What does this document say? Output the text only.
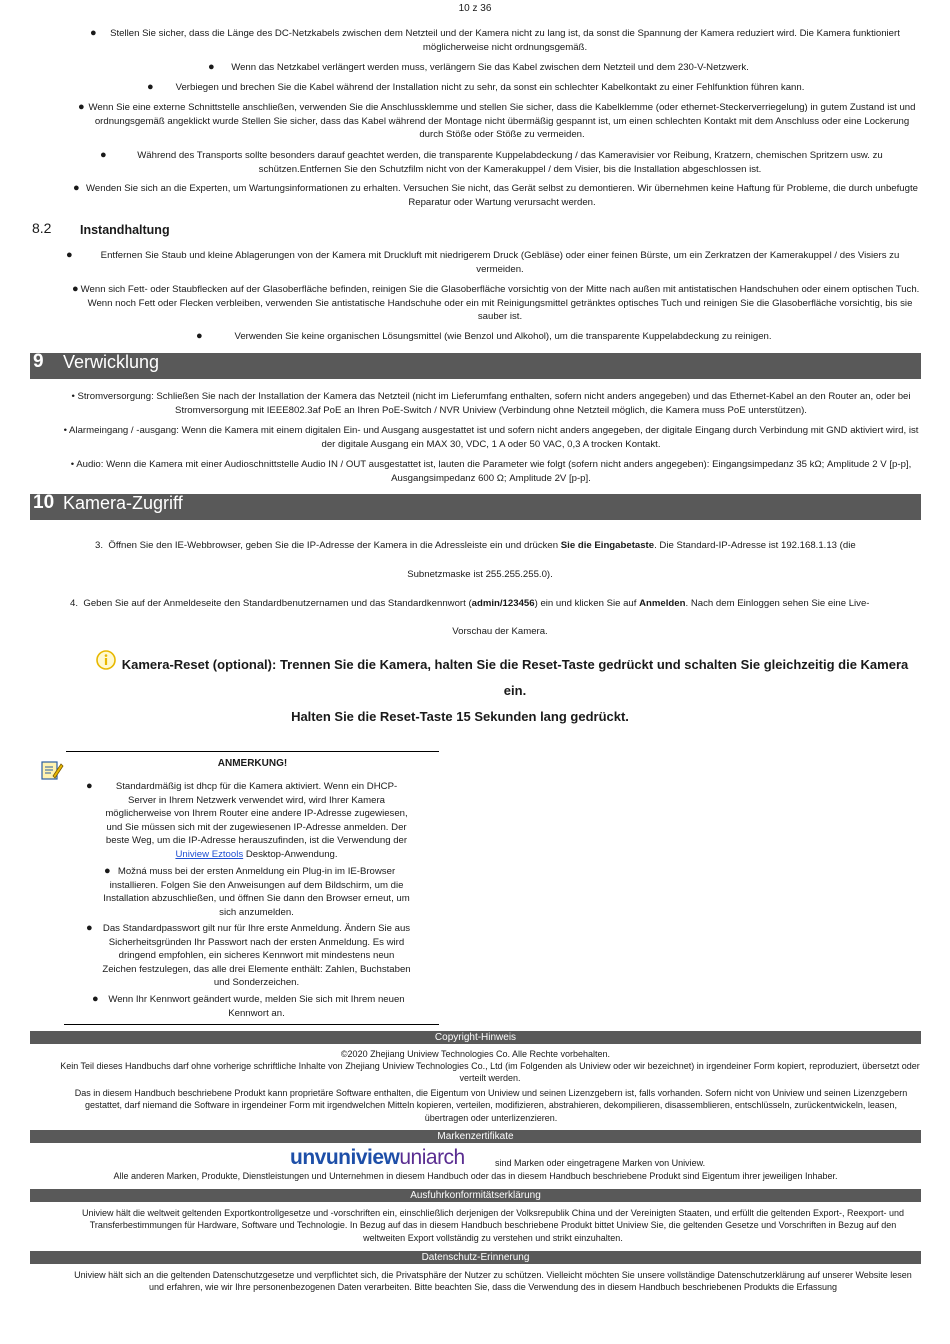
10 z 36
●	Stellen Sie sicher, dass die Länge des DC-Netzkabels zwischen dem Netzteil und der Kamera nicht zu lang ist, da sonst die Spannung der Kamera reduziert wird. Die Kamera funktioniert möglicherweise nicht ordnungsgemäß.
●	Wenn das Netzkabel verlängert werden muss, verlängern Sie das Kabel zwischen dem Netzteil und dem 230-V-Netzwerk.
●	Verbiegen und brechen Sie die Kabel während der Installation nicht zu sehr, da sonst ein schlechter Kabelkontakt zu einer Fehlfunktion führen kann.
● Wenn Sie eine externe Schnittstelle anschließen, verwenden Sie die Anschlussklemme und stellen Sie sicher, dass die Kabelklemme (oder ethernet-Steckerverriegelung) in gutem Zustand ist und ordnungsgemäß angeklickt wurde Stellen Sie sicher, dass das Kabel während der Montage nicht übermäßig gespannt ist, um einen schlechten Kontakt mit dem Anschluss oder eine Lockerung durch Stöße oder Stöße zu vermeiden.
●	Während des Transports sollte besonders darauf geachtet werden, die transparente Kuppelabdeckung / das Kameravisier vor Reibung, Kratzern, chemischen Spritzern usw. zu schützen.Entfernen Sie den Schutzfilm nicht von der Kamerakuppel / dem Visier, bis die Installation abgeschlossen ist.
● Wenden Sie sich an die Experten, um Wartungsinformationen zu erhalten. Versuchen Sie nicht, das Gerät selbst zu demontieren. Wir übernehmen keine Haftung für Probleme, die durch unbefugte Reparatur oder Wartung verursacht werden.
8.2 Instandhaltung
●	Entfernen Sie Staub und kleine Ablagerungen von der Kamera mit Druckluft mit niedrigerem Druck (Gebläse) oder einer feinen Bürste, um ein Zerkratzen der Kamerakuppel / des Visiers zu vermeiden.
● Wenn sich Fett- oder Staubflecken auf der Glasoberfläche befinden, reinigen Sie die Glasoberfläche vorsichtig von der Mitte nach außen mit antistatischen Handschuhen oder einem optischen Tuch. Wenn noch Fett oder Flecken verbleiben, verwenden Sie antistatische Handschuhe oder ein mit Reinigungsmittel getränktes optisches Tuch und reinigen Sie die Glasoberfläche vorsichtig, bis sie sauber ist.
●	Verwenden Sie keine organischen Lösungsmittel (wie Benzol und Alkohol), um die transparente Kuppelabdeckung zu reinigen.
9 Verwicklung
• Stromversorgung: Schließen Sie nach der Installation der Kamera das Netzteil (nicht im Lieferumfang enthalten, sofern nicht anders angegeben) und das Ethernet-Kabel an den Router an, oder bei Stromversorgung mit IEEE802.3af PoE an Ihren PoE-Switch / NVR Uniview (Verbindung ohne Netzteil möglich, die Kamera muss PoE unterstützen).
• Alarmeingang / -ausgang: Wenn die Kamera mit einem digitalen Ein- und Ausgang ausgestattet ist und sofern nicht anders angegeben, der digitale Eingang durch Verbindung mit GND aktiviert wird, ist der digitale Ausgang ein MAX 30, VDC, 1 A oder 50 VAC, 0,3 A trocken Kontakt.
• Audio: Wenn die Kamera mit einer Audioschnittstelle Audio IN / OUT ausgestattet ist, lauten die Parameter wie folgt (sofern nicht anders angegeben): Eingangsimpedanz 35 kΩ; Amplitude 2 V [p-p], Ausgangsimpedanz 600 Ω; Amplitude 2V [p-p].
10 Kamera-Zugriff
3. Öffnen Sie den IE-Webbrowser, geben Sie die IP-Adresse der Kamera in die Adressleiste ein und drücken Sie die Eingabetaste. Die Standard-IP-Adresse ist 192.168.1.13 (die
Subnetzmaske ist 255.255.255.0).
4. Geben Sie auf der Anmeldeseite den Standardbenutzernamen und das Standardkennwort (admin/123456) ein und klicken Sie auf Anmelden. Nach dem Einloggen sehen Sie eine Live-
Vorschau der Kamera.
Kamera-Reset (optional): Trennen Sie die Kamera, halten Sie die Reset-Taste gedrückt und schalten Sie gleichzeitig die Kamera ein.
Halten Sie die Reset-Taste 15 Sekunden lang gedrückt.
ANMERKUNG!
●	Standardmäßig ist dhcp für die Kamera aktiviert. Wenn ein DHCP-Server in Ihrem Netzwerk verwendet wird, wird Ihrer Kamera möglicherweise von Ihrem Router eine andere IP-Adresse zugewiesen, und Sie müssen sich mit der zugewiesenen IP-Adresse anmelden. Der beste Weg, um die IP-Adresse herauszufinden, ist die Verwendung der Uniview Eztools Desktop-Anwendung.
● Možná muss bei der ersten Anmeldung ein Plug-in im IE-Browser installieren. Folgen Sie den Anweisungen auf dem Bildschirm, um die Installation abzuschließen, und öffnen Sie dann den Browser erneut, um sich anzumelden.
●	Das Standardpasswort gilt nur für Ihre erste Anmeldung. Ändern Sie aus Sicherheitsgründen Ihr Passwort nach der ersten Anmeldung. Es wird dringend empfohlen, ein sicheres Kennwort mit mindestens neun Zeichen festzulegen, das alle drei Elemente enthält: Zahlen, Buchstaben und Sonderzeichen.
●	Wenn Ihr Kennwort geändert wurde, melden Sie sich mit Ihrem neuen Kennwort an.
Copyright-Hinweis
©2020 Zhejiang Uniview Technologies Co. Alle Rechte vorbehalten.
Kein Teil dieses Handbuchs darf ohne vorherige schriftliche Inhalte von Zhejiang Uniview Technologies Co., Ltd (im Folgenden als Uniview oder wir bezeichnet) in irgendeiner Form kopiert, reproduziert, übersetzt oder verteilt werden.
Das in diesem Handbuch beschriebene Produkt kann proprietäre Software enthalten, die Eigentum von Uniview und seinen Lizenzgebern ist, falls vorhanden. Sofern nicht von Uniview und seinen Lizenzgebern gestattet, darf niemand die Software in irgendeiner Form mit irgendwelchen Mitteln kopieren, verteilen, modifizieren, abstrahieren, dekompilieren, disassemblieren, entschlüsseln, zurückentwickeln, leasen, übertragen oder unterlizenzieren.
Markenzertifikate
unvuniviewuniarch	sind Marken oder eingetragene Marken von Uniview.
Alle anderen Marken, Produkte, Dienstleistungen und Unternehmen in diesem Handbuch oder das in diesem Handbuch beschriebene Produkt sind Eigentum ihrer jeweiligen Inhaber.
Ausfuhrkonformitätserklärung
Uniview hält die weltweit geltenden Exportkontrollgesetze und -vorschriften ein, einschließlich derjenigen der Volksrepublik China und der Vereinigten Staaten, und erfüllt die geltenden Export-, Reexport- und Transferbestimmungen für Hardware, Software und Technologie. In Bezug auf das in diesem Handbuch beschriebene Produkt bittet Uniview Sie, die geltenden Gesetze und Vorschriften in Bezug auf den weltweiten Export vollständig zu verstehen und strikt einzuhalten.
Datenschutz-Erinnerung
Uniview hält sich an die geltenden Datenschutzgesetze und verpflichtet sich, die Privatsphäre der Nutzer zu schützen. Vielleicht möchten Sie unsere vollständige Datenschutzerklärung auf unserer Website lesen und erfahren, wie wir Ihre personenbezogenen Daten verarbeiten. Bitte beachten Sie, dass die Verwendung des in diesem Handbuch beschriebenen Produkts die Erfassung
